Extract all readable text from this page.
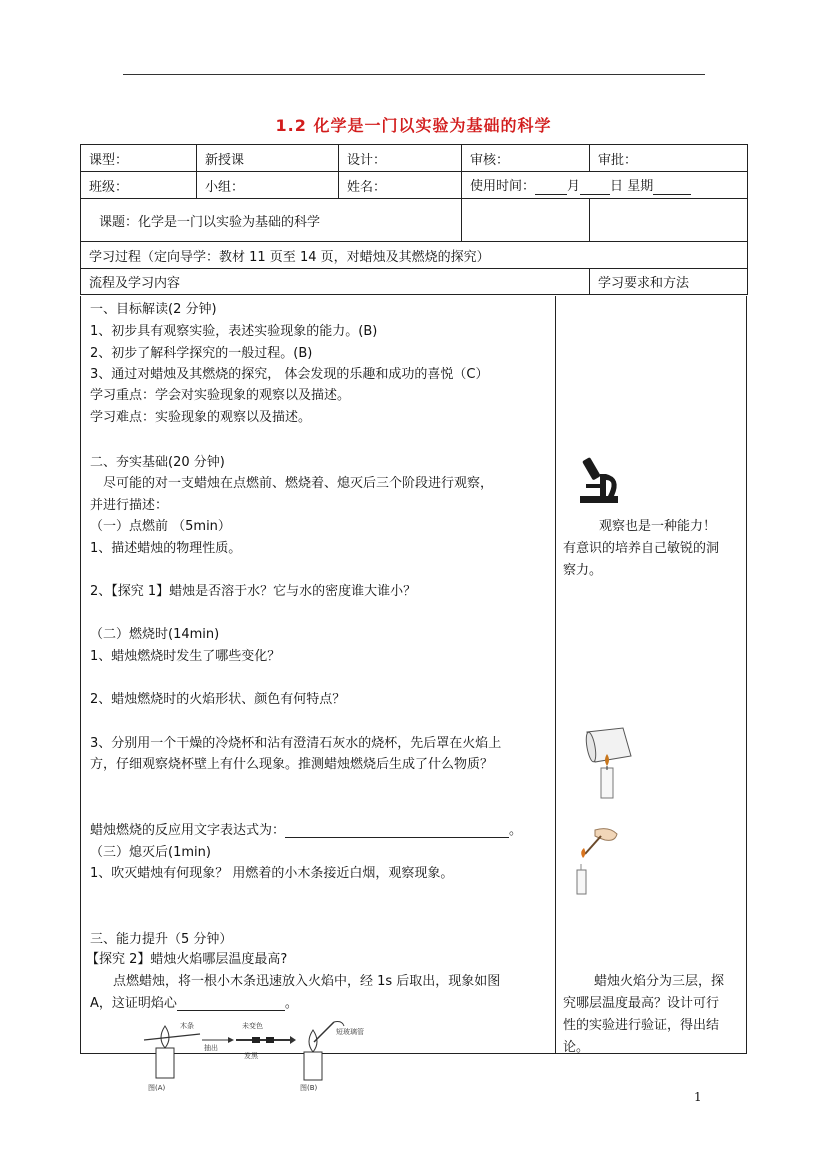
1.2 化学是一门以实验为基础的科学
课型：	新授课	设计：	审核：	审批：
班级：	小组：	姓名：	使用时间： 月 日 星期	
课题：化学是一门以实验为基础的科学				
学习过程（定向导学：教材 11 页至 14 页，对蜡烛及其燃烧的探究）				
流程及学习内容				学习要求和方法
一、目标解读(2 分钟)
1、初步具有观察实验，表述实验现象的能力。(B)
2、初步了解科学探究的一般过程。(B)
3、通过对蜡烛及其燃烧的探究， 体会发现的乐趣和成功的喜悦（C）
学习重点：学会对实验现象的观察以及描述。
学习难点：实验现象的观察以及描述。
二、夯实基础(20 分钟)
尽可能的对一支蜡烛在点燃前、燃烧着、熄灭后三个阶段进行观察，
并进行描述：
（一）点燃前 （5min）
1、描述蜡烛的物理性质。
2、【探究 1】蜡烛是否溶于水？它与水的密度谁大谁小？
（二）燃烧时(14min)
1、蜡烛燃烧时发生了哪些变化？
2、蜡烛燃烧时的火焰形状、颜色有何特点？
3、分别用一个干燥的冷烧杯和沾有澄清石灰水的烧杯，先后罩在火焰上
方，仔细观察烧杯壁上有什么现象。推测蜡烛燃烧后生成了什么物质？
蜡烛燃烧的反应用文字表达式为：	。
（三）熄灭后(1min)
1、吹灭蜡烛有何现象？ 用燃着的小木条接近白烟，观察现象。
三、能力提升（5 分钟）
【探究 2】蜡烛火焰哪层温度最高?
点燃蜡烛，将一根小木条迅速放入火焰中，经 1s 后取出，现象如图
A，这证明焰心	。
观察也是一种能力！
有意识的培养自己敏锐的洞
察力。
蜡烛火焰分为三层，探
究哪层温度最高？设计可行
性的实验进行验证，得出结
论。
木条
抽出
未变色
发黑
短玻璃管
图(A)	图(B)
1
